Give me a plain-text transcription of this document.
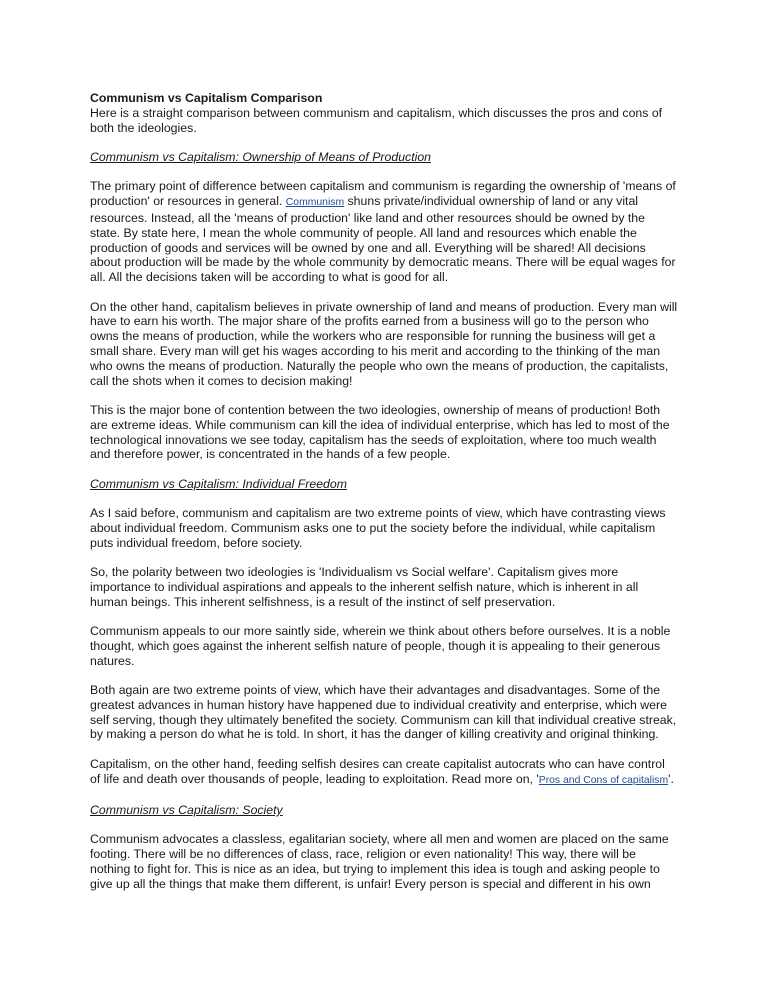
Communism vs Capitalism Comparison

Here is a straight comparison between communism and capitalism, which discusses the pros and cons of both the ideologies.

Communism vs Capitalism: Ownership of Means of Production

The primary point of difference between capitalism and communism is regarding the ownership of 'means of production' or resources in general. Communism shuns private/individual ownership of land or any vital resources. Instead, all the 'means of production' like land and other resources should be owned by the state. By state here, I mean the whole community of people. All land and resources which enable the production of goods and services will be owned by one and all. Everything will be shared! All decisions about production will be made by the whole community by democratic means. There will be equal wages for all. All the decisions taken will be according to what is good for all.

On the other hand, capitalism believes in private ownership of land and means of production. Every man will have to earn his worth. The major share of the profits earned from a business will go to the person who owns the means of production, while the workers who are responsible for running the business will get a small share. Every man will get his wages according to his merit and according to the thinking of the man who owns the means of production. Naturally the people who own the means of production, the capitalists, call the shots when it comes to decision making!

This is the major bone of contention between the two ideologies, ownership of means of production! Both are extreme ideas. While communism can kill the idea of individual enterprise, which has led to most of the technological innovations we see today, capitalism has the seeds of exploitation, where too much wealth and therefore power, is concentrated in the hands of a few people.

Communism vs Capitalism: Individual Freedom

As I said before, communism and capitalism are two extreme points of view, which have contrasting views about individual freedom. Communism asks one to put the society before the individual, while capitalism puts individual freedom, before society.

So, the polarity between two ideologies is 'Individualism vs Social welfare'. Capitalism gives more importance to individual aspirations and appeals to the inherent selfish nature, which is inherent in all human beings. This inherent selfishness, is a result of the instinct of self preservation.

Communism appeals to our more saintly side, wherein we think about others before ourselves. It is a noble thought, which goes against the inherent selfish nature of people, though it is appealing to their generous natures.

Both again are two extreme points of view, which have their advantages and disadvantages. Some of the greatest advances in human history have happened due to individual creativity and enterprise, which were self serving, though they ultimately benefited the society. Communism can kill that individual creative streak, by making a person do what he is told. In short, it has the danger of killing creativity and original thinking.

Capitalism, on the other hand, feeding selfish desires can create capitalist autocrats who can have control of life and death over thousands of people, leading to exploitation. Read more on, 'Pros and Cons of capitalism'.

Communism vs Capitalism: Society

Communism advocates a classless, egalitarian society, where all men and women are placed on the same footing. There will be no differences of class, race, religion or even nationality! This way, there will be nothing to fight for. This is nice as an idea, but trying to implement this idea is tough and asking people to give up all the things that make them different, is unfair! Every person is special and different in his own
